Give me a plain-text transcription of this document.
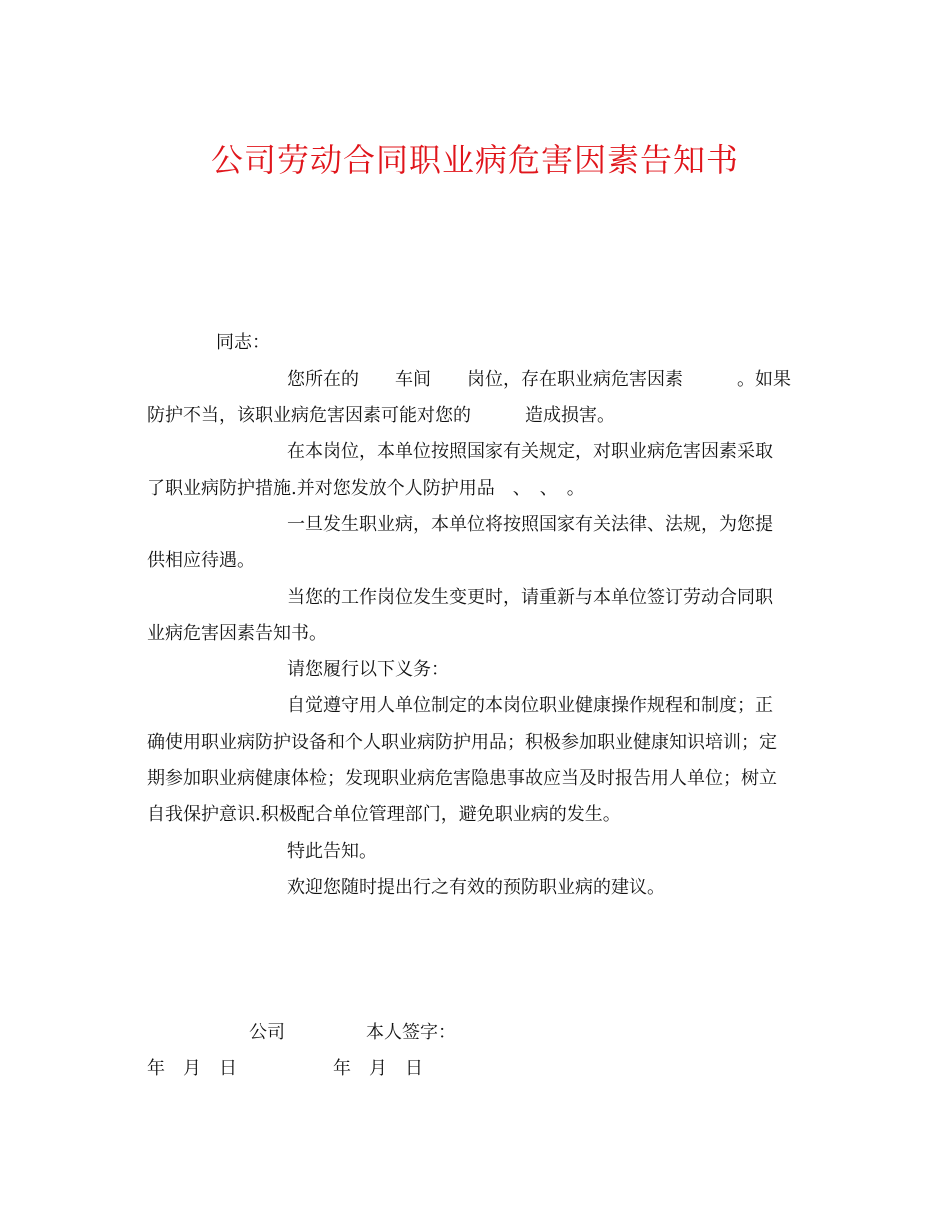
公司劳动合同职业病危害因素告知书
同志：
您所在的　　车间　　岗位，存在职业病危害因素　　　。如果
防护不当，该职业病危害因素可能对您的　　　造成损害。
在本岗位，本单位按照国家有关规定，对职业病危害因素采取
了职业病防护措施.并对您发放个人防护用品　、　、　。
一旦发生职业病，本单位将按照国家有关法律、法规，为您提
供相应待遇。
当您的工作岗位发生变更时，请重新与本单位签订劳动合同职
业病危害因素告知书。
请您履行以下义务：
自觉遵守用人单位制定的本岗位职业健康操作规程和制度；正
确使用职业病防护设备和个人职业病防护用品；积极参加职业健康知识培训；定
期参加职业病健康体检；发现职业病危害隐患事故应当及时报告用人单位；树立
自我保护意识.积极配合单位管理部门，避免职业病的发生。
特此告知。
欢迎您随时提出行之有效的预防职业病的建议。
公司	本人签字：
年　月　日	年　月　日
